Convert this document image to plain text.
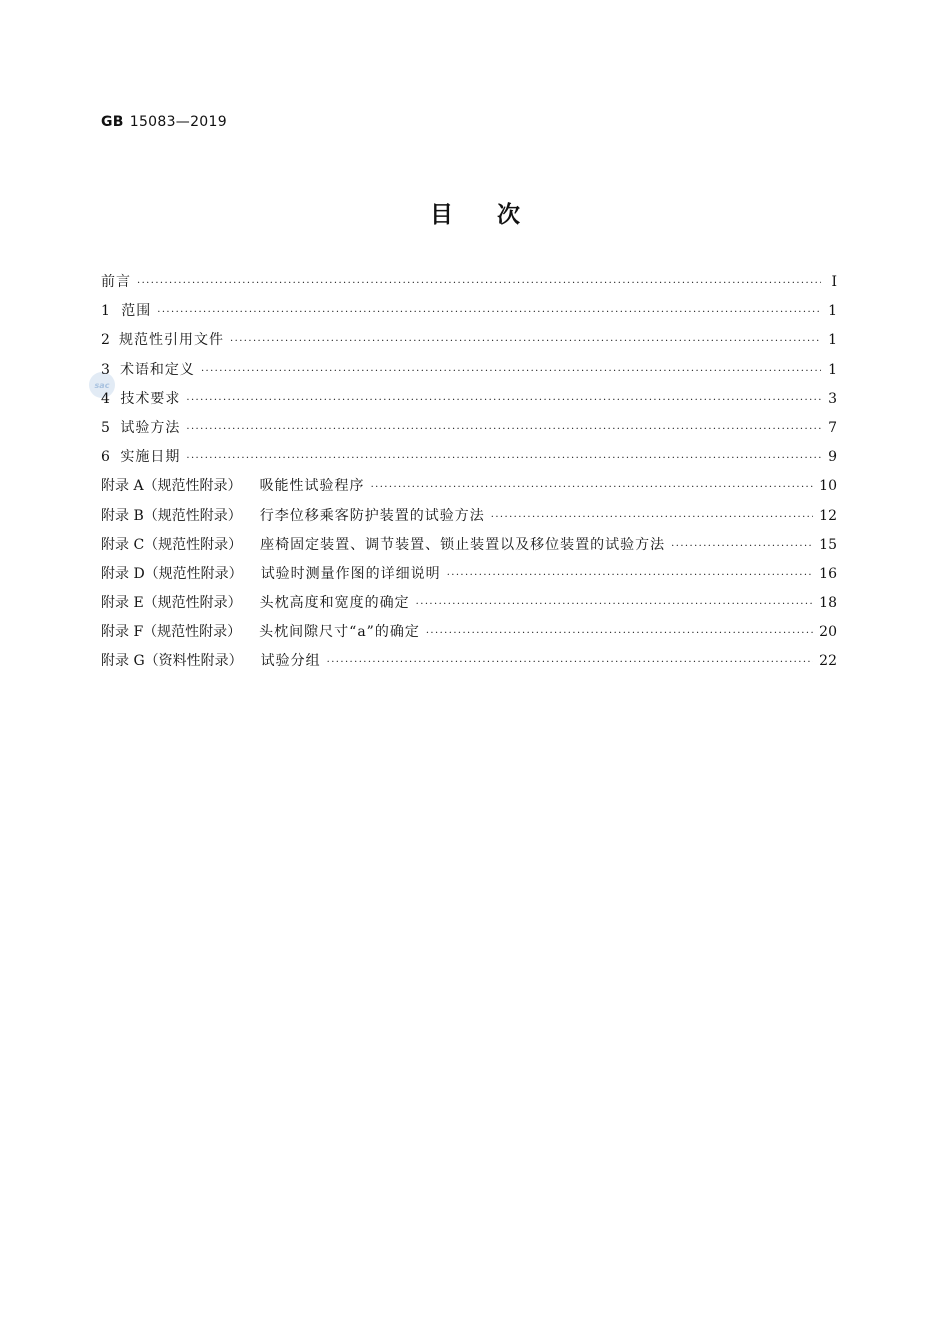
GB 15083—2019
目次
sac
前言 ·····	Ⅰ
1 范围 ·····	1
2 规范性引用文件 ·····	1
3 术语和定义 ·····	1
4 技术要求 ·····	3
5 试验方法 ·····	7
6 实施日期 ·····	9
附录 A（规范性附录） 吸能性试验程序 ·····	10
附录 B（规范性附录） 行李位移乘客防护装置的试验方法 ·····	12
附录 C（规范性附录） 座椅固定装置、调节装置、锁止装置以及移位装置的试验方法 ·····	15
附录 D（规范性附录） 试验时测量作图的详细说明 ·····	16
附录 E（规范性附录） 头枕高度和宽度的确定 ·····	18
附录 F（规范性附录） 头枕间隙尺寸“a”的确定 ·····	20
附录 G（资料性附录） 试验分组 ·····	22
